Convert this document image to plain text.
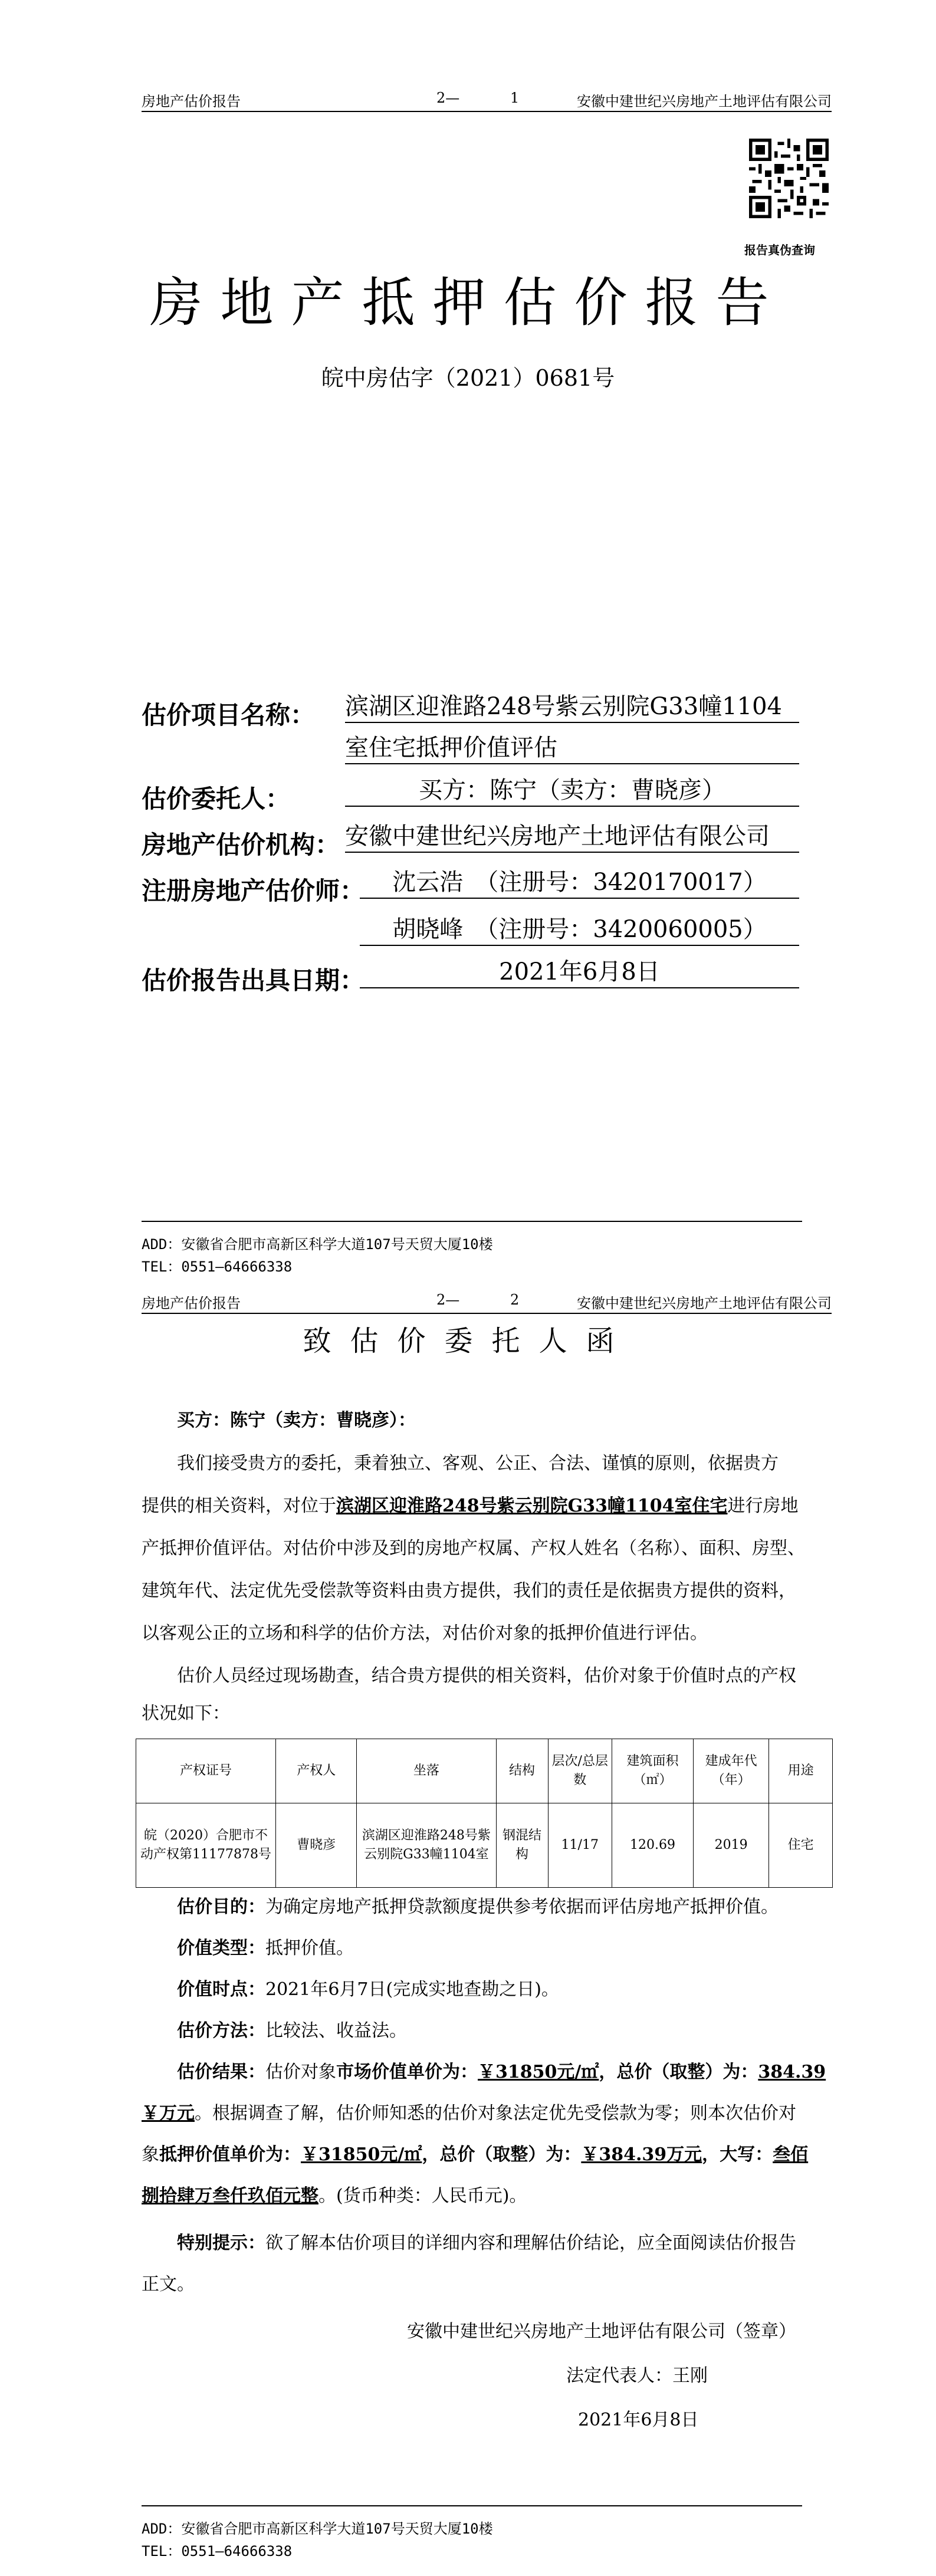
房地产估价报告	2—	1	安徽中建世纪兴房地产土地评估有限公司
报告真伪查询
房地产抵押估价报告
皖中房估字（2021）0681号
估价项目名称： 滨湖区迎淮路248号紫云别院G33幢1104
室住宅抵押价值评估
估价委托人：	买方：陈宁（卖方：曹晓彦）
房地产估价机构： 安徽中建世纪兴房地产土地评估有限公司
注册房地产估价师：	沈云浩　（注册号：3420170017）
胡晓峰　（注册号：3420060005）
估价报告出具日期：	2021年6月8日
ADD：安徽省合肥市高新区科学大道107号天贸大厦10楼
TEL：0551—64666338
房地产估价报告	2—	2	安徽中建世纪兴房地产土地评估有限公司
致估价委托人函
买方：陈宁（卖方：曹晓彦）：
我们接受贵方的委托，秉着独立、客观、公正、合法、谨慎的原则，依据贵方
提供的相关资料，对位于滨湖区迎淮路248号紫云别院G33幢1104室住宅进行房地
产抵押价值评估。对估价中涉及到的房地产权属、产权人姓名（名称）、面积、房型、
建筑年代、法定优先受偿款等资料由贵方提供，我们的责任是依据贵方提供的资料，
以客观公正的立场和科学的估价方法，对估价对象的抵押价值进行评估。
估价人员经过现场勘查，结合贵方提供的相关资料，估价对象于价值时点的产权
状况如下：
产权证号	产权人	坐落	结构	层次/总层数	建筑面积（㎡）	建成年代（年）	用途
皖（2020）合肥市不动产权第11177878号	曹晓彦	滨湖区迎淮路248号紫云别院G33幢1104室	钢混结构	11/17	120.69	2019	住宅
估价目的：为确定房地产抵押贷款额度提供参考依据而评估房地产抵押价值。
价值类型：抵押价值。
价值时点：2021年6月7日(完成实地查勘之日)。
估价方法：比较法、收益法。
估价结果：估价对象市场价值单价为：￥31850元/㎡，总价（取整）为：384.39
￥万元。根据调查了解，估价师知悉的估价对象法定优先受偿款为零；则本次估价对
象抵押价值单价为：￥31850元/㎡，总价（取整）为：￥384.39万元，大写：叁佰
捌拾肆万叁仟玖佰元整。(货币种类：人民币元)。
特别提示：欲了解本估价项目的详细内容和理解估价结论，应全面阅读估价报告
正文。
安徽中建世纪兴房地产土地评估有限公司（签章）
法定代表人：王刚
2021年6月8日
ADD：安徽省合肥市高新区科学大道107号天贸大厦10楼
TEL：0551—64666338
